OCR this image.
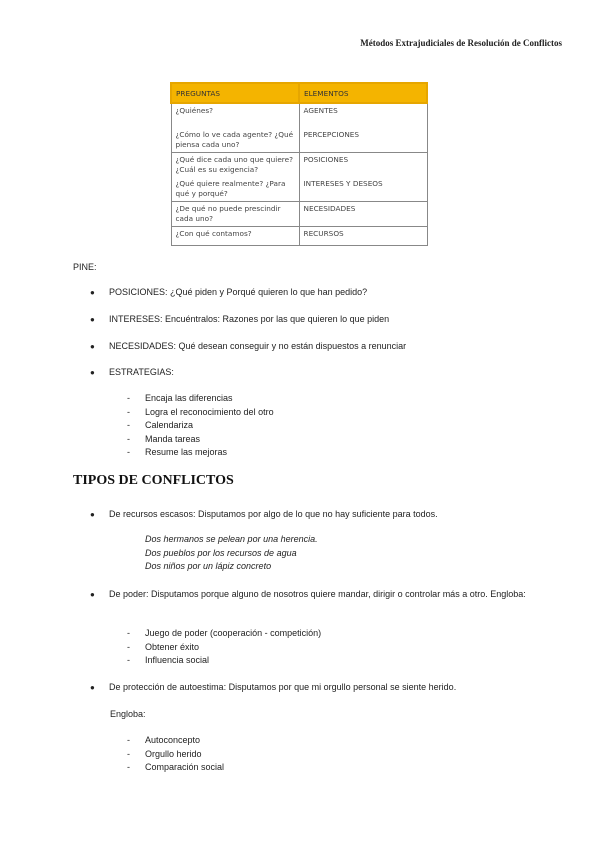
Métodos Extrajudiciales de Resolución de Conflictos
PREGUNTAS	ELEMENTOS
¿Quiénes?	AGENTES
¿Cómo lo ve cada agente? ¿Qué piensa cada uno?	PERCEPCIONES
¿Qué dice cada uno que quiere? ¿Cuál es su exigencia?	POSICIONES
¿Qué quiere realmente? ¿Para qué y porqué?	INTERESES Y DESEOS
¿De qué no puede prescindir cada uno?	NECESIDADES
¿Con qué contamos?	RECURSOS
PINE:
● POSICIONES: ¿Qué piden y Porqué quieren lo que han pedido?
● INTERESES: Encuéntralos: Razones por las que quieren lo que piden
● NECESIDADES: Qué desean conseguir y no están dispuestos a renunciar
● ESTRATEGIAS:
- Encaja las diferencias
- Logra el reconocimiento del otro
- Calendariza
- Manda tareas
- Resume las mejoras
TIPOS DE CONFLICTOS
● De recursos escasos: Disputamos por algo de lo que no hay suficiente para todos.
Dos hermanos se pelean por una herencia.
Dos pueblos por los recursos de agua
Dos niños por un lápiz concreto
● De poder: Disputamos porque alguno de nosotros quiere mandar, dirigir o controlar más a otro. Engloba:
- Juego de poder (cooperación - competición)
- Obtener éxito
- Influencia social
● De protección de autoestima: Disputamos por que mi orgullo personal se siente herido.
Engloba:
- Autoconcepto
- Orgullo herido
- Comparación social
